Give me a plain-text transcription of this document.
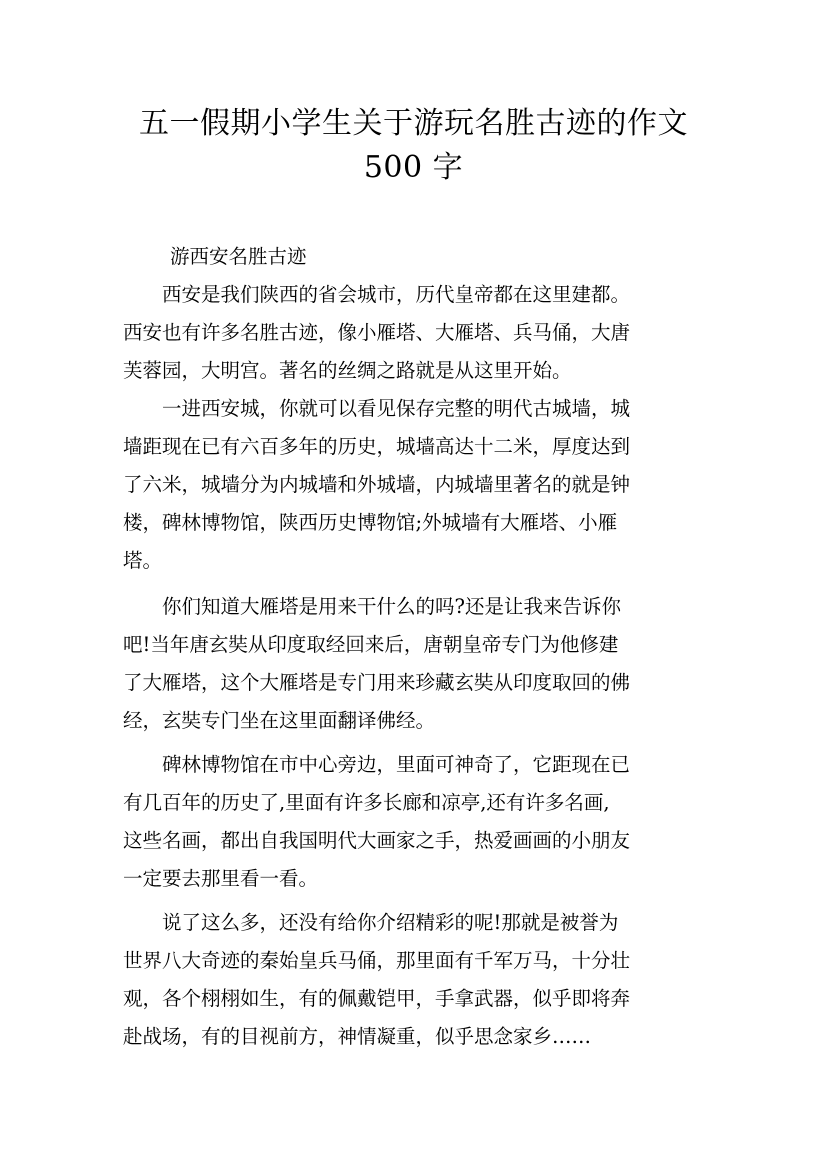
五一假期小学生关于游玩名胜古迹的作文
500 字
游西安名胜古迹
　　西安是我们陕西的省会城市，历代皇帝都在这里建都。
西安也有许多名胜古迹，像小雁塔、大雁塔、兵马俑，大唐
芙蓉园，大明宫。著名的丝绸之路就是从这里开始。
　　一进西安城，你就可以看见保存完整的明代古城墙，城
墙距现在已有六百多年的历史，城墙高达十二米，厚度达到
了六米，城墙分为内城墙和外城墙，内城墙里著名的就是钟
楼，碑林博物馆，陕西历史博物馆;外城墙有大雁塔、小雁
塔。
　　你们知道大雁塔是用来干什么的吗?还是让我来告诉你
吧!当年唐玄奘从印度取经回来后，唐朝皇帝专门为他修建
了大雁塔，这个大雁塔是专门用来珍藏玄奘从印度取回的佛
经，玄奘专门坐在这里面翻译佛经。
　　碑林博物馆在市中心旁边，里面可神奇了，它距现在已
有几百年的历史了,里面有许多长廊和凉亭,还有许多名画,
这些名画，都出自我国明代大画家之手，热爱画画的小朋友
一定要去那里看一看。
　　说了这么多，还没有给你介绍精彩的呢!那就是被誉为
世界八大奇迹的秦始皇兵马俑，那里面有千军万马，十分壮
观，各个栩栩如生，有的佩戴铠甲，手拿武器，似乎即将奔
赴战场，有的目视前方，神情凝重，似乎思念家乡……
